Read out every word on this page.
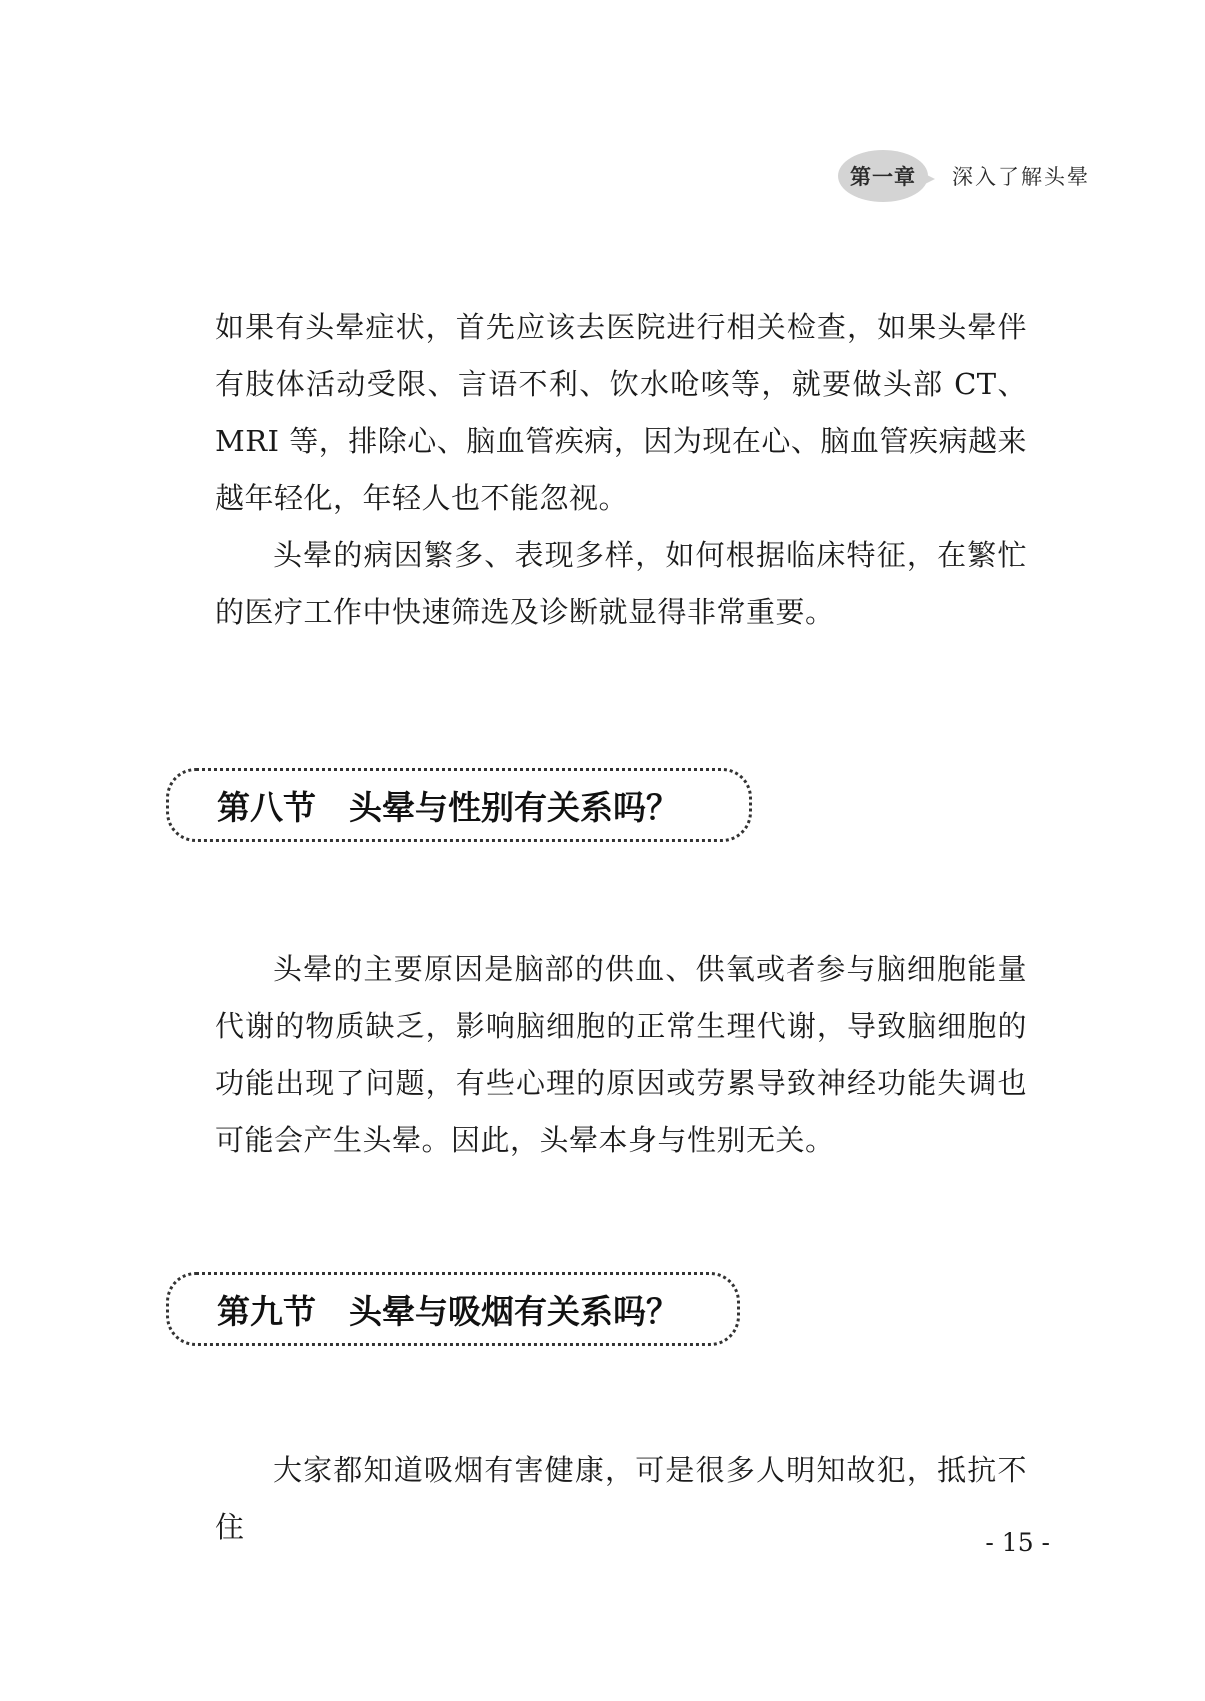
第一章 深入了解头晕

如果有头晕症状，首先应该去医院进行相关检查，如果头晕伴有肢体活动受限、言语不利、饮水呛咳等，就要做头部 CT、MRI 等，排除心、脑血管疾病，因为现在心、脑血管疾病越来越年轻化，年轻人也不能忽视。

头晕的病因繁多、表现多样，如何根据临床特征，在繁忙的医疗工作中快速筛选及诊断就显得非常重要。

第八节　头晕与性别有关系吗？

头晕的主要原因是脑部的供血、供氧或者参与脑细胞能量代谢的物质缺乏，影响脑细胞的正常生理代谢，导致脑细胞的功能出现了问题，有些心理的原因或劳累导致神经功能失调也可能会产生头晕。因此，头晕本身与性别无关。

第九节　头晕与吸烟有关系吗？

大家都知道吸烟有害健康，可是很多人明知故犯，抵抗不住	- 15 -
